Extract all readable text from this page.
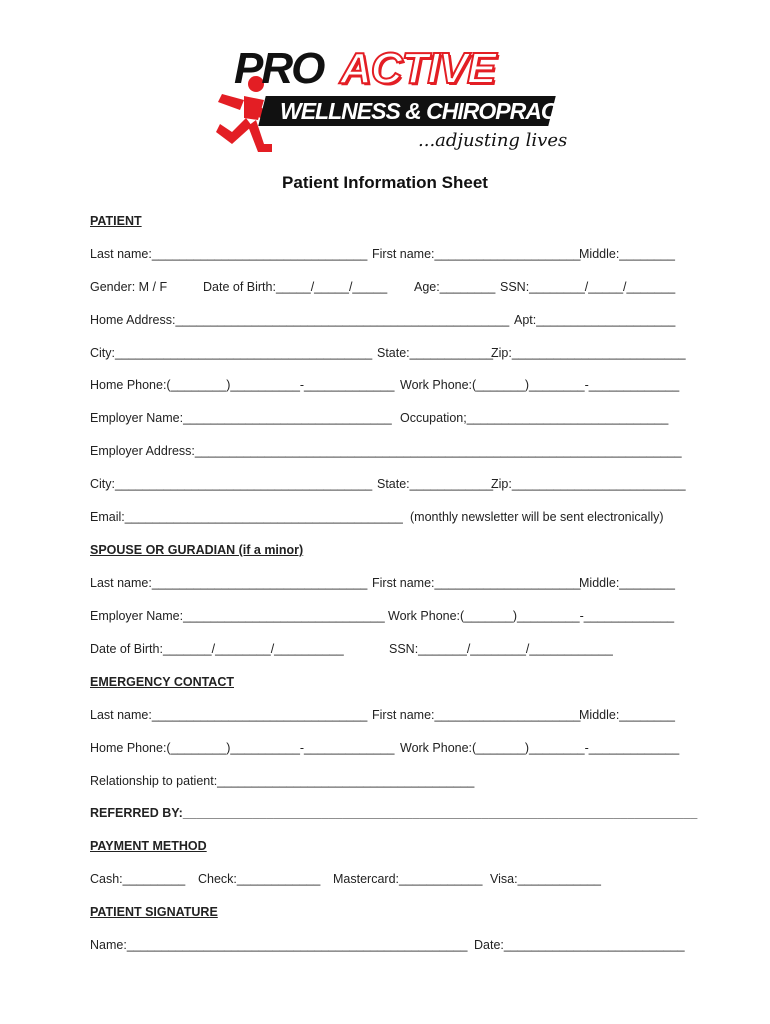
PRO ACTIVE
WELLNESS & CHIROPRACTIC
...adjusting lives
Patient Information Sheet
PATIENT
Last name:_______________________________ First name:_____________________
Middle:________
Gender: M / F	Date of Birth:_____/_____/_____ Age:________ SSN:________/_____/_______
Home Address:________________________________________________ Apt:____________________
City:_____________________________________ State:____________
Zip:_________________________
Home Phone:(________)__________-_____________ Work Phone:(_______)________-_____________
Employer Name:______________________________ Occupation;_____________________________
Employer Address:______________________________________________________________________
City:_____________________________________ State:____________
Zip:_________________________
Email:________________________________________ (monthly newsletter will be sent electronically)
SPOUSE OR GURADIAN (if a minor)
Last name:_______________________________ First name:_____________________
Middle:________
Employer Name:_____________________________ Work Phone:(_______)_________-_____________
Date of Birth:_______/________/__________	SSN:_______/________/____________
EMERGENCY CONTACT
Last name:_______________________________ First name:_____________________
Middle:________
Home Phone:(________)__________-_____________ Work Phone:(_______)________-_____________
Relationship to patient:_____________________________________
REFERRED BY:__________________________________________________________________________
PAYMENT METHOD
Cash:_________ Check:____________ Mastercard:____________ Visa:____________
PATIENT SIGNATURE
Name:_________________________________________________ Date:__________________________
